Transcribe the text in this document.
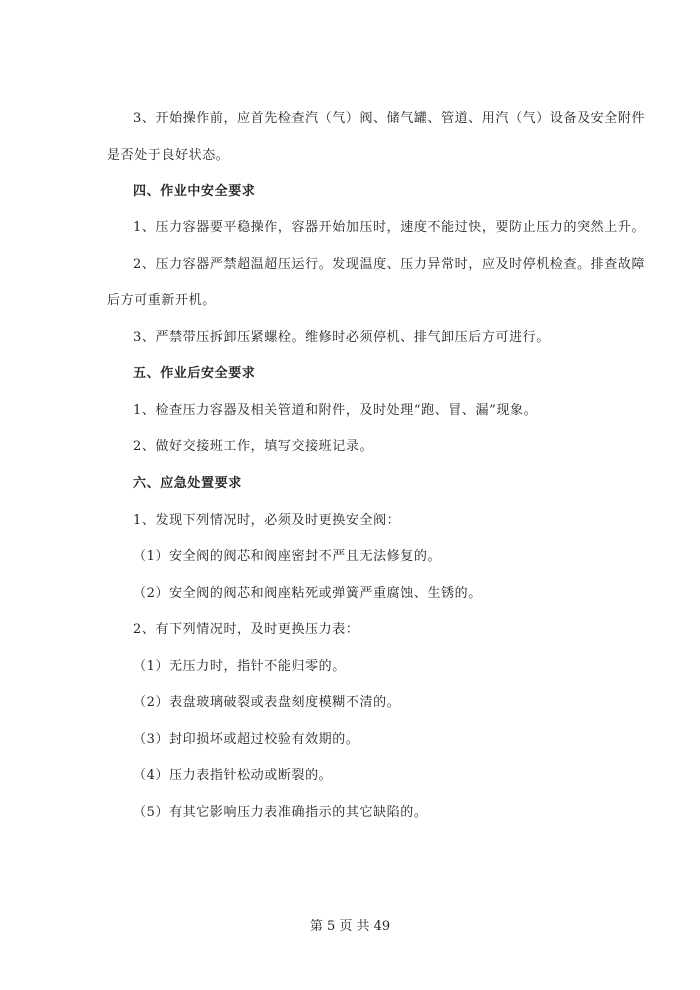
3、开始操作前，应首先检查汽（气）阀、储气罐、管道、用汽（气）设备及安全附件
是否处于良好状态。
四、作业中安全要求
1、压力容器要平稳操作，容器开始加压时，速度不能过快，要防止压力的突然上升。
2、压力容器严禁超温超压运行。发现温度、压力异常时，应及时停机检查。排查故障
后方可重新开机。
3、严禁带压拆卸压紧螺栓。维修时必须停机、排气卸压后方可进行。
五、作业后安全要求
1、检查压力容器及相关管道和附件，及时处理“跑、冒、漏”现象。
2、做好交接班工作，填写交接班记录。
六、应急处置要求
1、发现下列情况时，必须及时更换安全阀：
（1）安全阀的阀芯和阀座密封不严且无法修复的。
（2）安全阀的阀芯和阀座粘死或弹簧严重腐蚀、生锈的。
2、有下列情况时，及时更换压力表：
（1）无压力时，指针不能归零的。
（2）表盘玻璃破裂或表盘刻度模糊不清的。
（3）封印损坏或超过校验有效期的。
（4）压力表指针松动或断裂的。
（5）有其它影响压力表准确指示的其它缺陷的。
第 5 页 共 49
